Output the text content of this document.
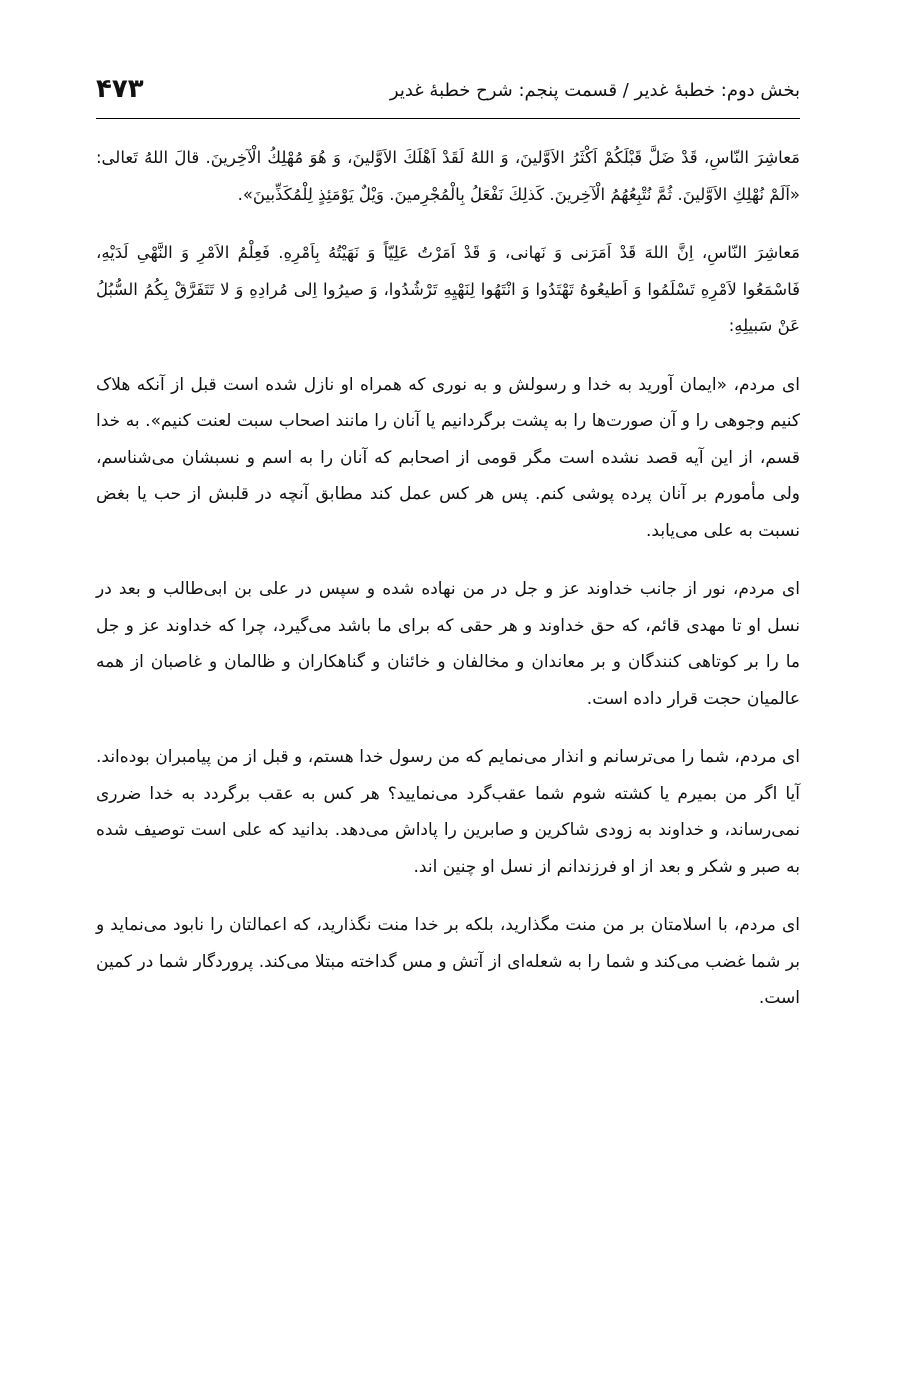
۴۷۳	بخش دوم: خطبۀ غدیر / قسمت پنجم: شرح خطبۀ غدیر

مَعاشِرَ النّاسِ، قَدْ ضَلَّ قَبْلَكُمْ اَكْثَرُ الاَوَّلينَ، وَ اللهُ لَقَدْ اَهْلَكَ الاَوَّلينَ، وَ هُوَ مُهْلِكُ الْآخِرينَ. قالَ اللهُ تَعالى: «اَلَمْ نُهْلِكِ الاَوَّلينَ. ثُمَّ نُتْبِعُهُمُ الْآخِرينَ. كَذلِكَ نَفْعَلُ بِالْمُجْرِمينَ. وَيْلٌ يَوْمَئِذٍ لِلْمُكَذِّبينَ».

مَعاشِرَ النّاسِ، اِنَّ اللهَ قَدْ اَمَرَنى وَ نَهانى، وَ قَدْ اَمَرْتُ عَلِيّاً وَ نَهَيْتُهُ بِاَمْرِهِ. فَعِلْمُ الاَمْرِ وَ النَّهْىِ لَدَيْهِ، فَاسْمَعُوا لاَمْرِهِ تَسْلَمُوا وَ اَطيعُوهُ تَهْتَدُوا وَ انْتَهُوا لِنَهْيِهِ تَرْشُدُوا، وَ صيرُوا اِلى مُرادِهِ وَ لا تَتَفَرَّقْ بِكُمُ السُّبُلُ عَنْ سَبيلِهِ:

ای مردم، «ایمان آورید به خدا و رسولش و به نوری که همراه او نازل شده است قبل از آنکه هلاک کنیم وجوهی را و آن صورت‌ها را به پشت برگردانیم یا آنان را مانند اصحاب سبت لعنت کنیم». به خدا قسم، از این آیه قصد نشده است مگر قومی از اصحابم که آنان را به اسم و نسبشان می‌شناسم، ولی مأمورم بر آنان پرده پوشی کنم. پس هر کس عمل کند مطابق آنچه در قلبش از حب یا بغض نسبت به علی می‌یابد.

ای مردم، نور از جانب خداوند عز و جل در من نهاده شده و سپس در علی بن ابی‌طالب و بعد در نسل او تا مهدی قائم، که حق خداوند و هر حقی که برای ما باشد می‌گیرد، چرا که خداوند عز و جل ما را بر کوتاهی کنندگان و بر معاندان و مخالفان و خائنان و گناهکاران و ظالمان و غاصبان از همه عالمیان حجت قرار داده است.

ای مردم، شما را می‌ترسانم و انذار می‌نمایم که من رسول خدا هستم، و قبل از من پیامبران بوده‌اند. آیا اگر من بمیرم یا کشته شوم شما عقب‌گرد می‌نمایید؟ هر کس به عقب برگردد به خدا ضرری نمی‌رساند، و خداوند به زودی شاکرین و صابرین را پاداش می‌دهد. بدانید که علی است توصیف شده به صبر و شکر و بعد از او فرزندانم از نسل او چنین اند.

ای مردم، با اسلامتان بر من منت مگذارید، بلکه بر خدا منت نگذارید، که اعمالتان را نابود می‌نماید و بر شما غضب می‌کند و شما را به شعله‌ای از آتش و مس گداخته مبتلا می‌کند. پروردگار شما در کمین است.
